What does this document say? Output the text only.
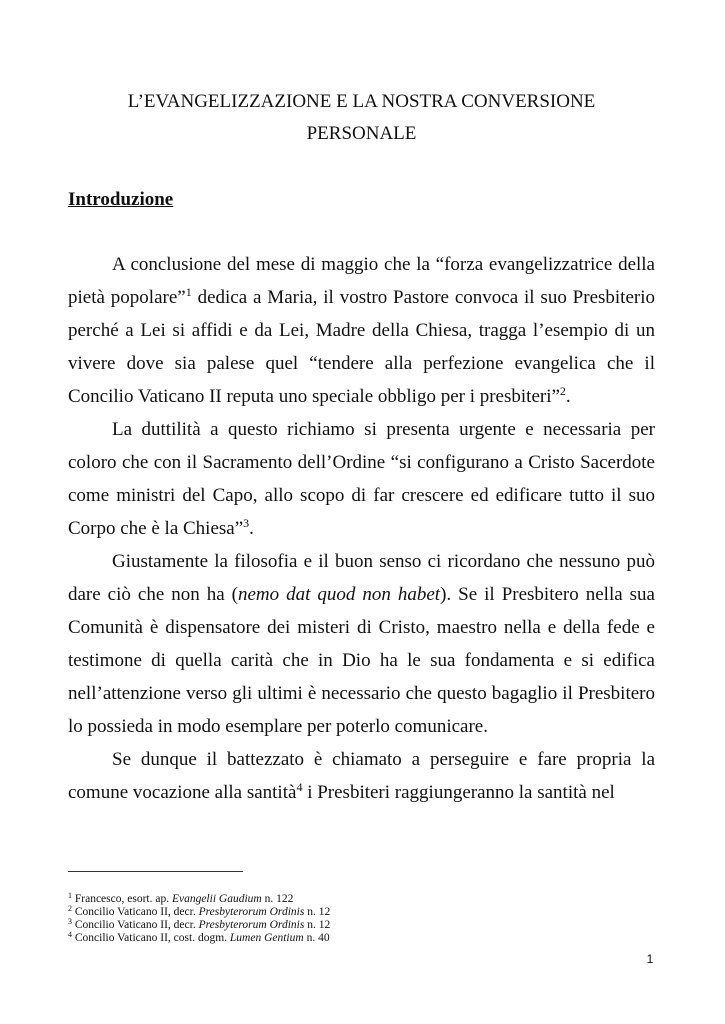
L’EVANGELIZZAZIONE E LA NOSTRA CONVERSIONE
PERSONALE
Introduzione

A conclusione del mese di maggio che la “forza evangelizzatrice della pietà popolare”$^1$ dedica a Maria, il vostro Pastore convoca il suo Presbiterio perché a Lei si affidi e da Lei, Madre della Chiesa, tragga l’esempio di un vivere dove sia palese quel “tendere alla perfezione evangelica che il Concilio Vaticano II reputa uno speciale obbligo per i presbiteri”$^2$.

La duttilità a questo richiamo si presenta urgente e necessaria per coloro che con il Sacramento dell’Ordine “si configurano a Cristo Sacerdote come ministri del Capo, allo scopo di far crescere ed edificare tutto il suo Corpo che è la Chiesa”$^3$.

Giustamente la filosofia e il buon senso ci ricordano che nessuno può dare ciò che non ha (nemo dat quod non habet). Se il Presbitero nella sua Comunità è dispensatore dei misteri di Cristo, maestro nella e della fede e testimone di quella carità che in Dio ha le sua fondamenta e si edifica nell’attenzione verso gli ultimi è necessario che questo bagaglio il Presbitero lo possieda in modo esemplare per poterlo comunicare.

Se dunque il battezzato è chiamato a perseguire e fare propria la comune vocazione alla santità$^4$ i Presbiteri raggiungeranno la santità nel

$^1$ Francesco, esort. ap. Evangelii Gaudium n. 122
$^2$ Concilio Vaticano II, decr. Presbyterorum Ordinis n. 12
$^3$ Concilio Vaticano II, decr. Presbyterorum Ordinis n. 12
$^4$ Concilio Vaticano II, cost. dogm. Lumen Gentium n. 40
1
